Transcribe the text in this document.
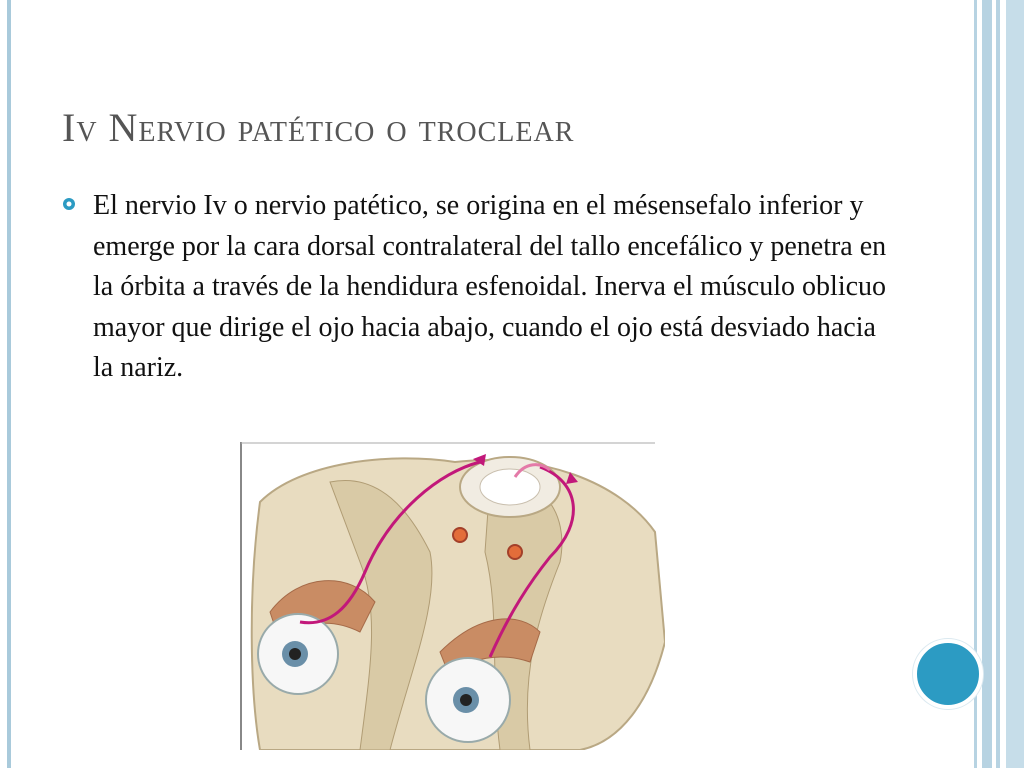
Iv Nervio patético o troclear
El nervio Iv o nervio patético, se origina en el mésensefalo inferior y emerge por la cara dorsal contralateral del tallo encefálico y penetra en la órbita a través de la hendidura esfenoidal. Inerva el músculo oblicuo mayor que dirige el ojo hacia abajo, cuando el ojo está desviado hacia la nariz.
